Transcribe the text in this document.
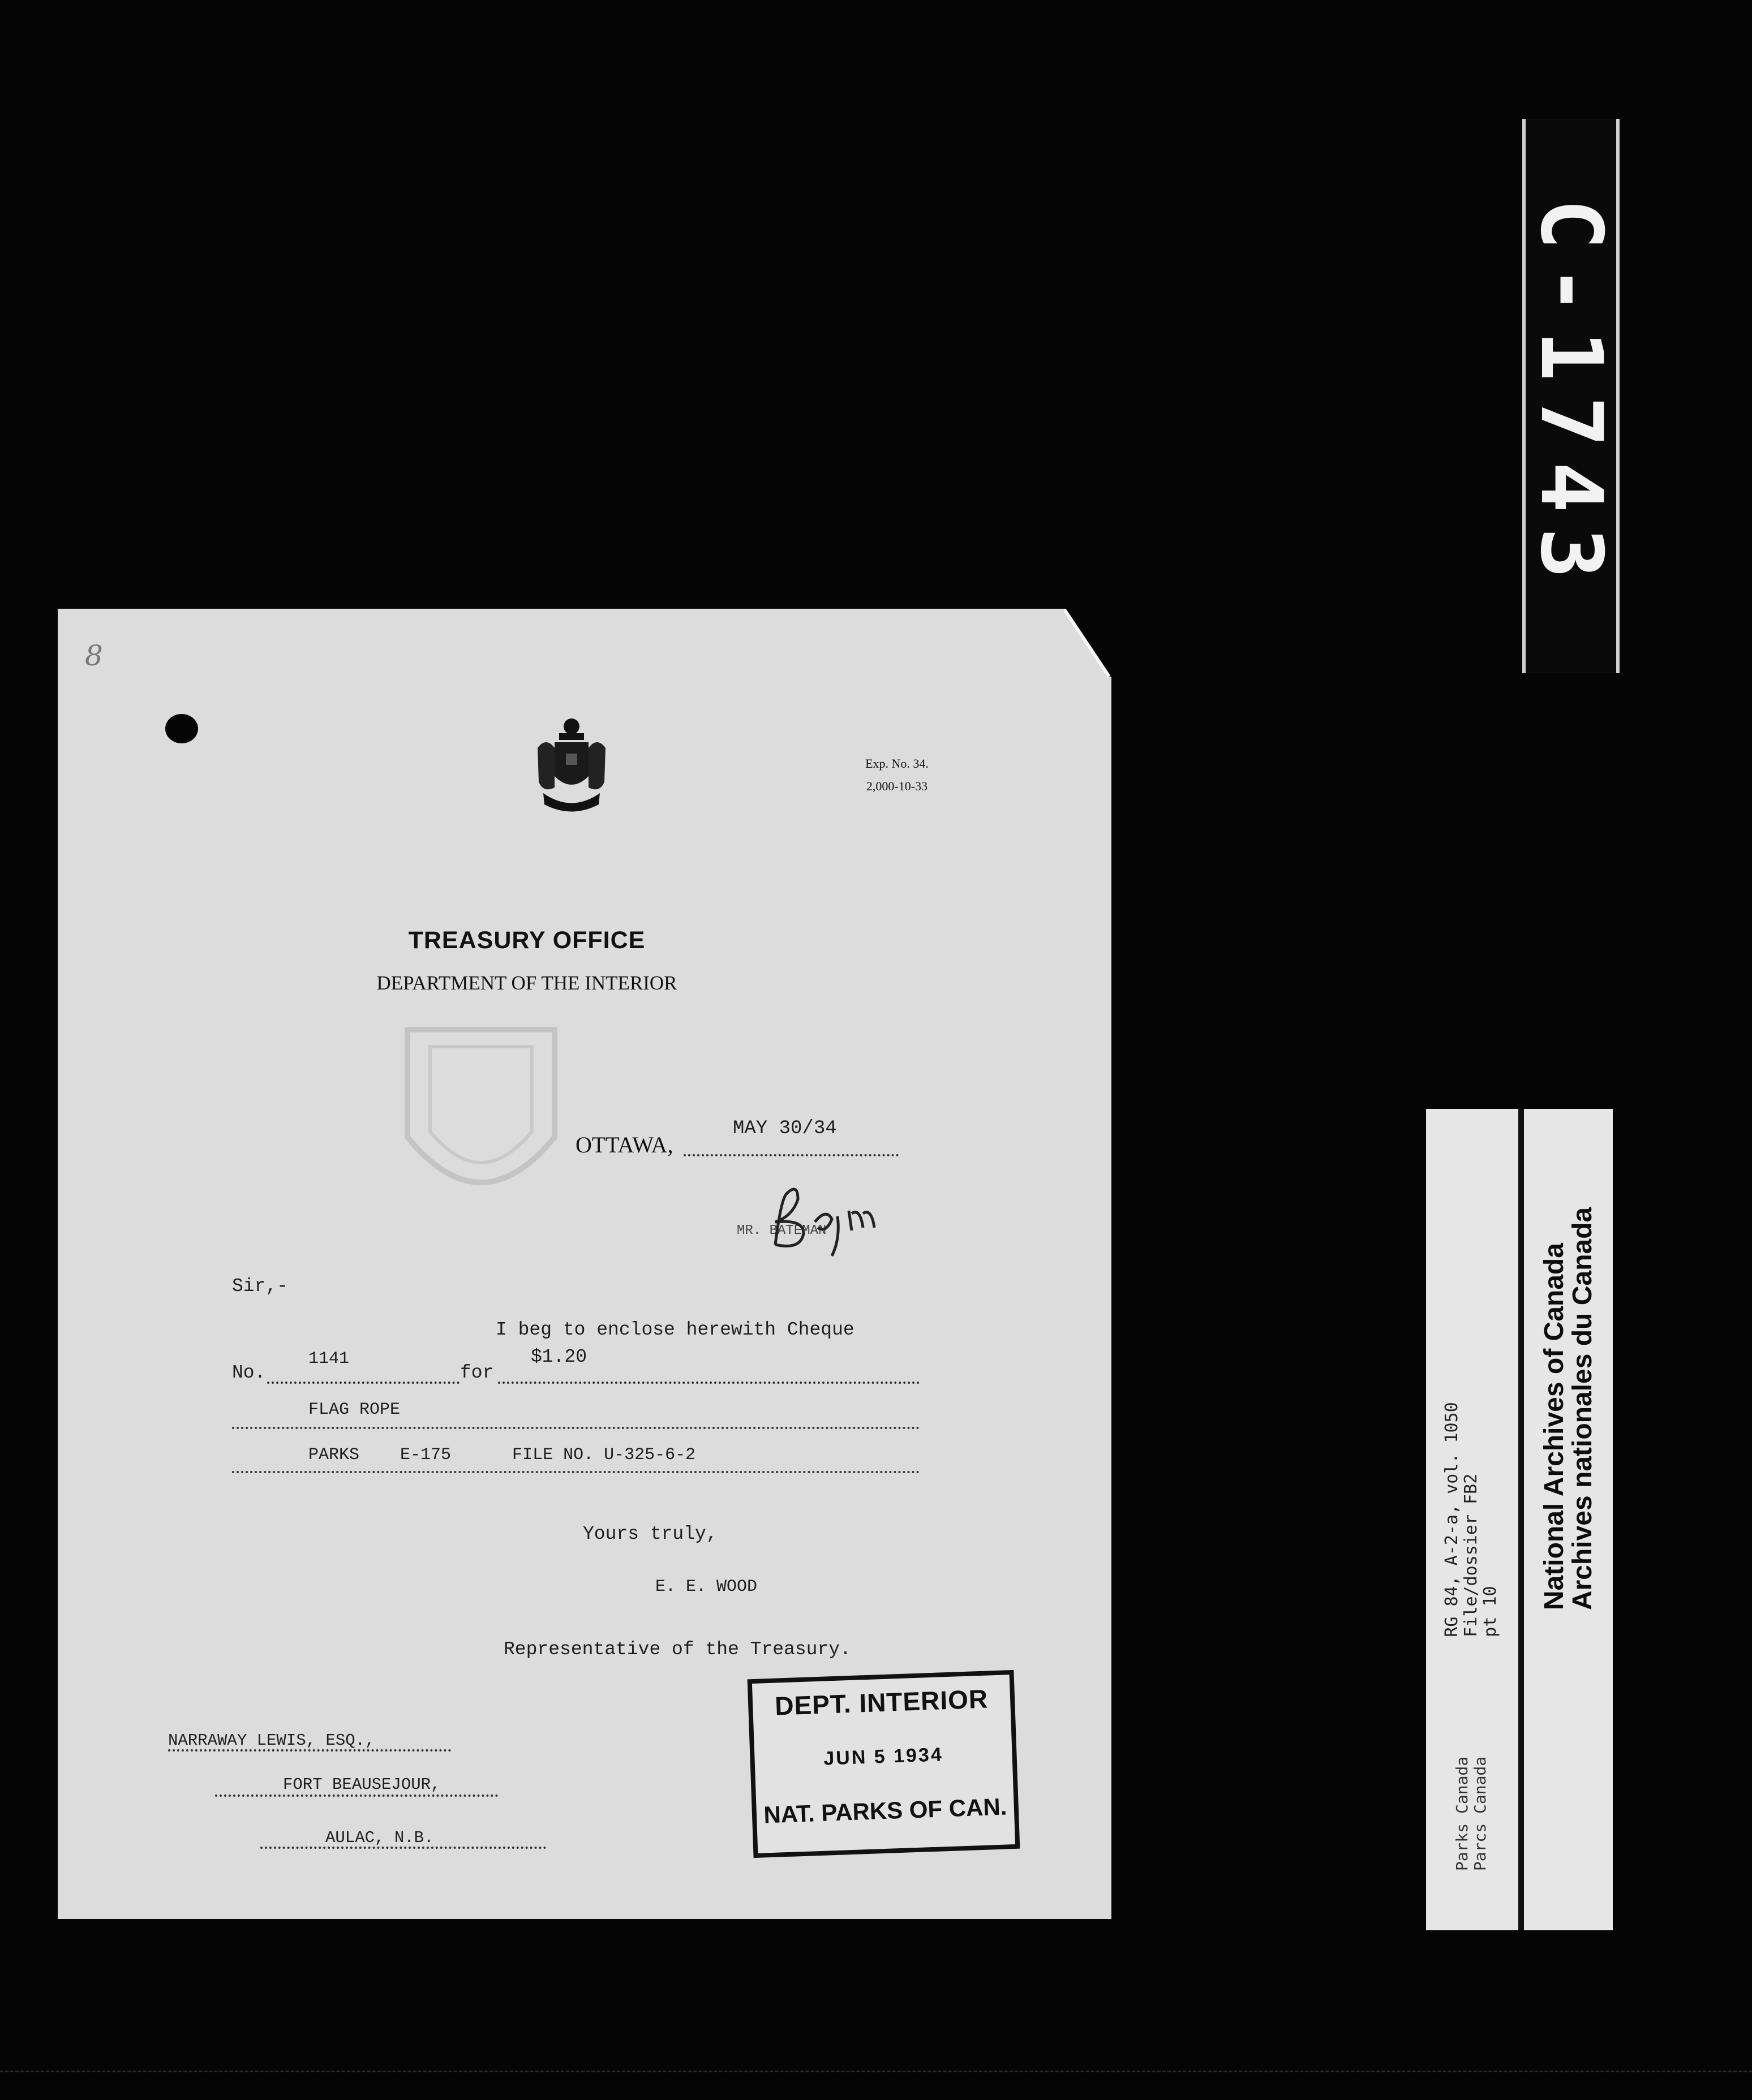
C-1743
RG 84, A-2-a, vol. 1050 File/dossier FB2 pt 10
National Archives of Canada
Archives nationales du Canada
Parks Canada Parcs Canada
8
Exp. No. 34.
2,000-10-33
TREASURY OFFICE
DEPARTMENT OF THE INTERIOR
OTTAWA,
MAY 30/34
MR. BATEMAN
Sir,-
I beg to enclose herewith Cheque
No.
1141
for
$1.20
FLAG ROPE
PARKS    E-175      FILE NO. U-325-6-2
Yours truly,
E. E. WOOD
Representative of the Treasury.
NARRAWAY LEWIS, ESQ.,
FORT BEAUSEJOUR,
AULAC, N.B.
DEPT. INTERIOR
JUN 5 1934
NAT. PARKS OF CAN.
